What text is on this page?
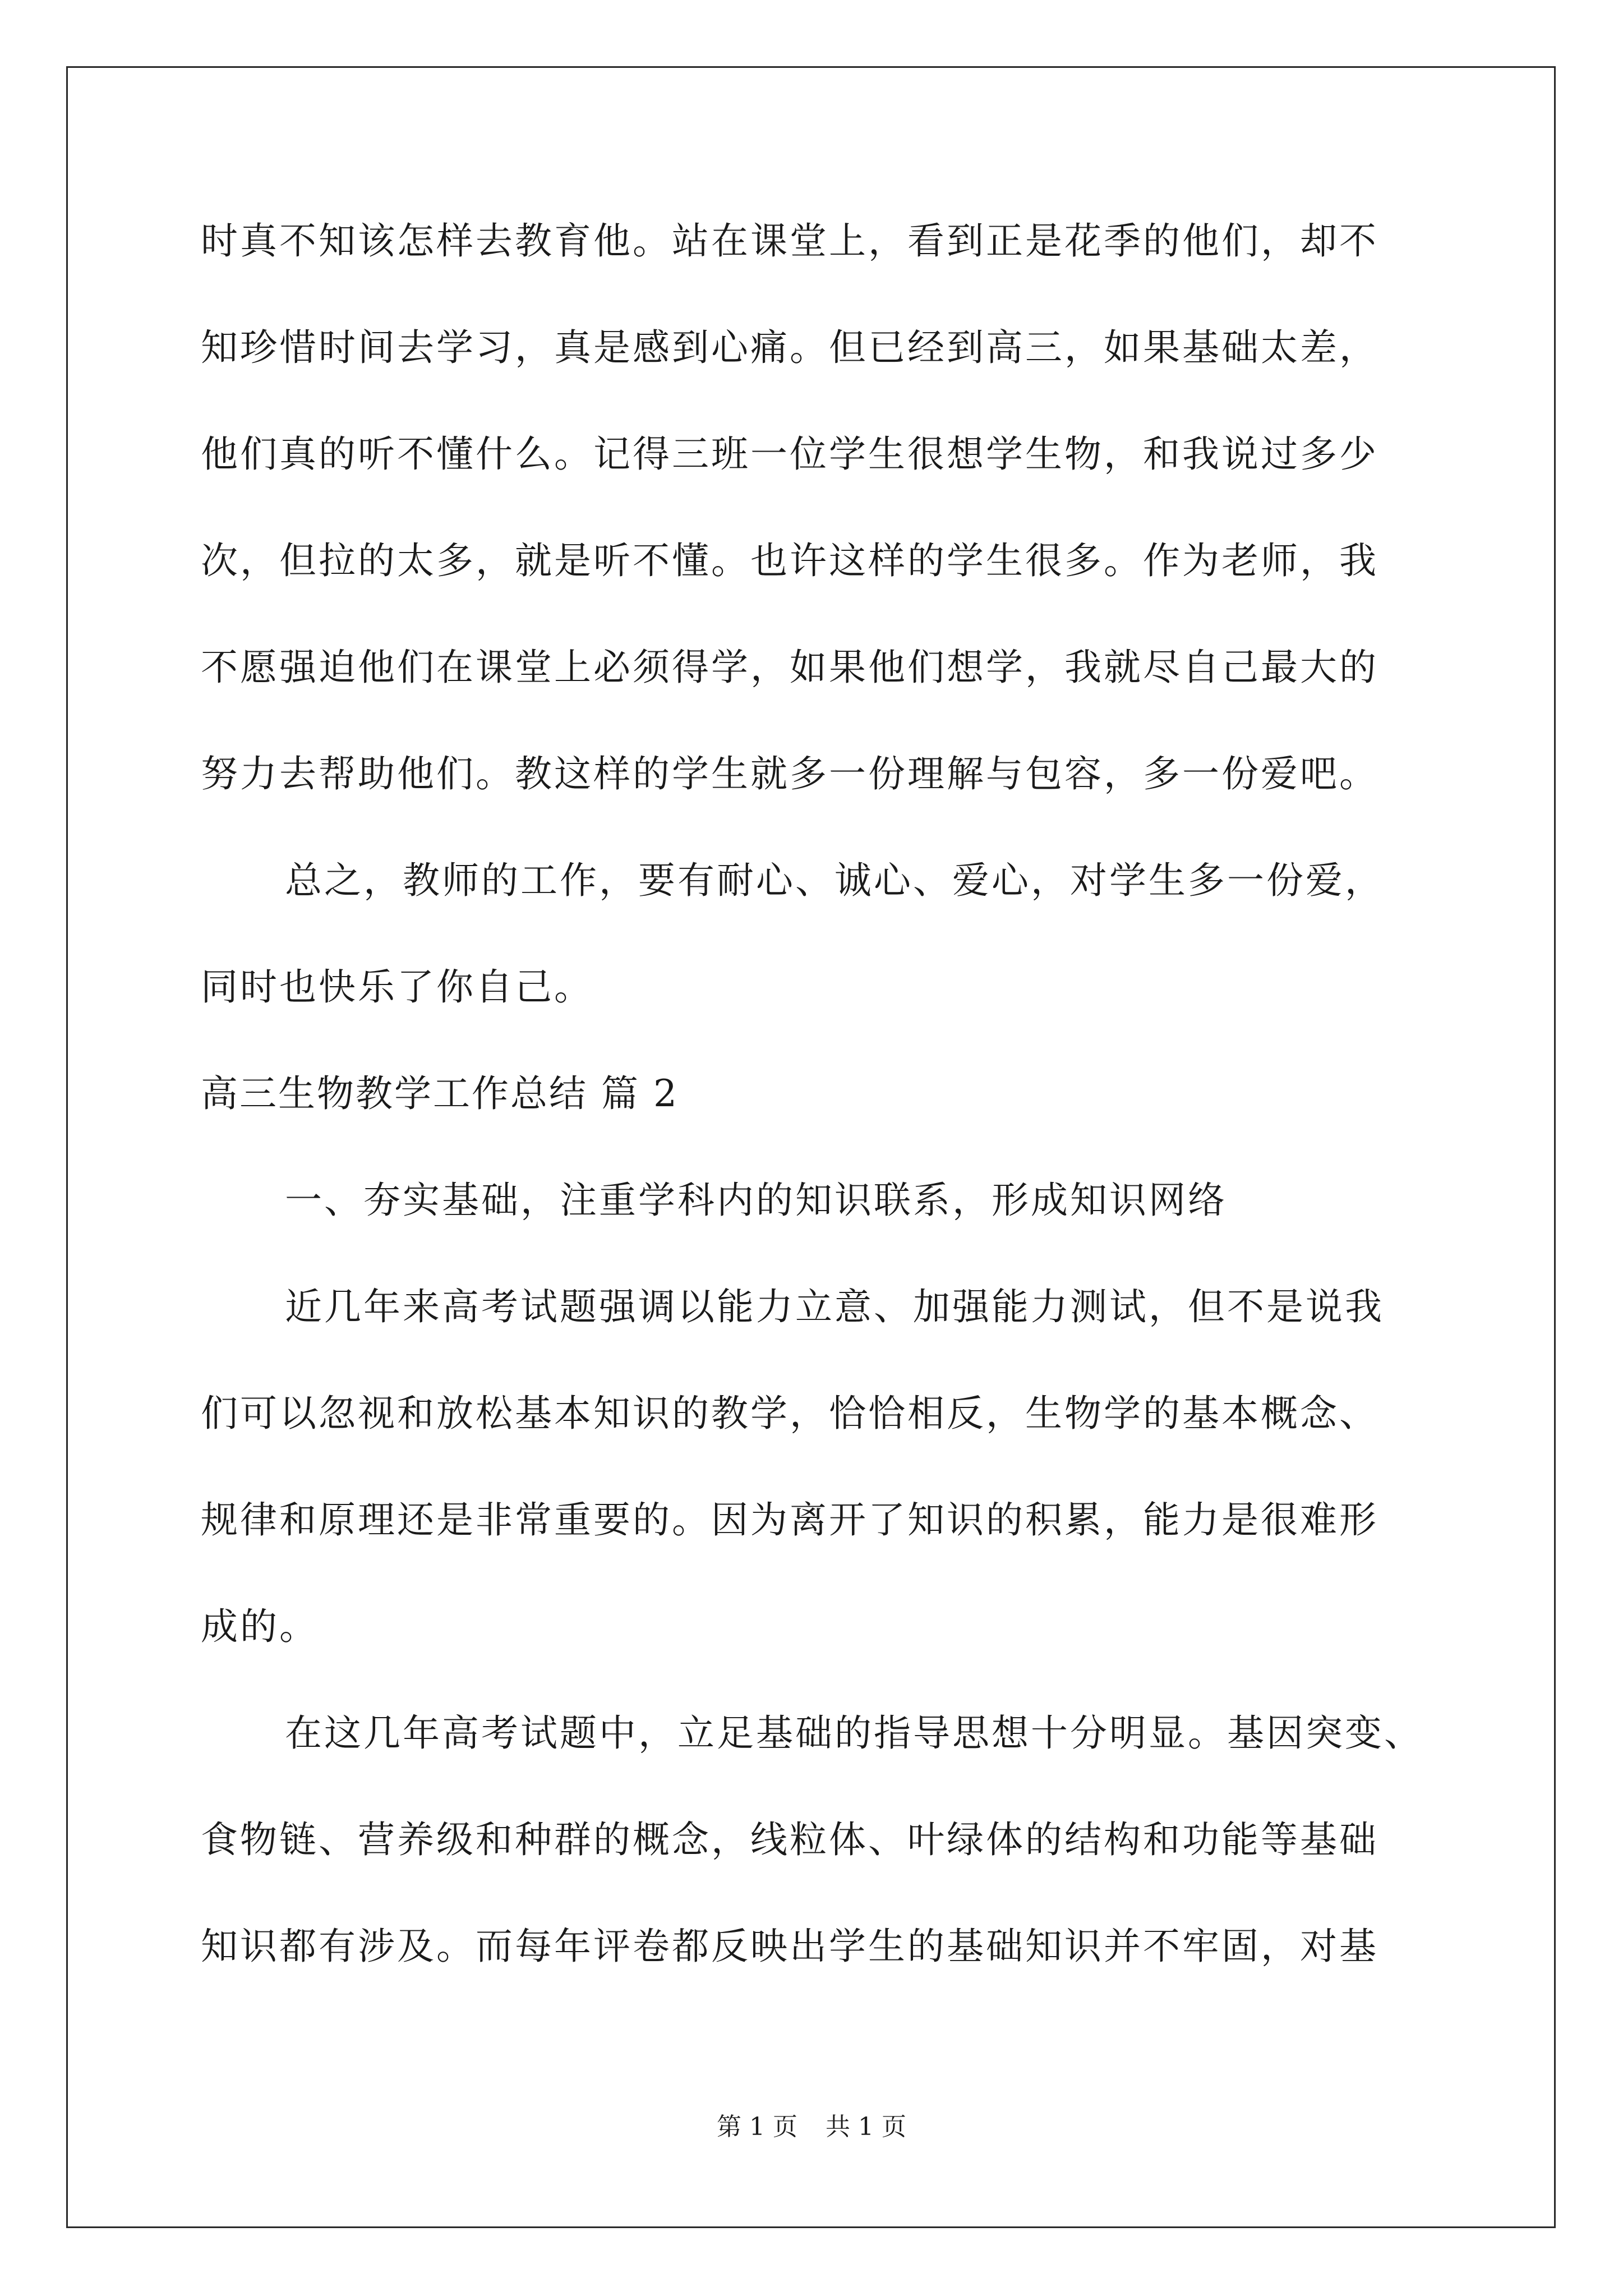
时真不知该怎样去教育他。站在课堂上，看到正是花季的他们，却不
知珍惜时间去学习，真是感到心痛。但已经到高三，如果基础太差，
他们真的听不懂什么。记得三班一位学生很想学生物，和我说过多少
次，但拉的太多，就是听不懂。也许这样的学生很多。作为老师，我
不愿强迫他们在课堂上必须得学，如果他们想学，我就尽自己最大的
努力去帮助他们。教这样的学生就多一份理解与包容，多一份爱吧。
总之，教师的工作，要有耐心、诚心、爱心，对学生多一份爱，
同时也快乐了你自己。
高三生物教学工作总结 篇 2
一、夯实基础，注重学科内的知识联系，形成知识网络
近几年来高考试题强调以能力立意、加强能力测试，但不是说我
们可以忽视和放松基本知识的教学，恰恰相反，生物学的基本概念、
规律和原理还是非常重要的。因为离开了知识的积累，能力是很难形
成的。
在这几年高考试题中，立足基础的指导思想十分明显。基因突变、
食物链、营养级和种群的概念，线粒体、叶绿体的结构和功能等基础
知识都有涉及。而每年评卷都反映出学生的基础知识并不牢固，对基
第 1 页 共 1 页
